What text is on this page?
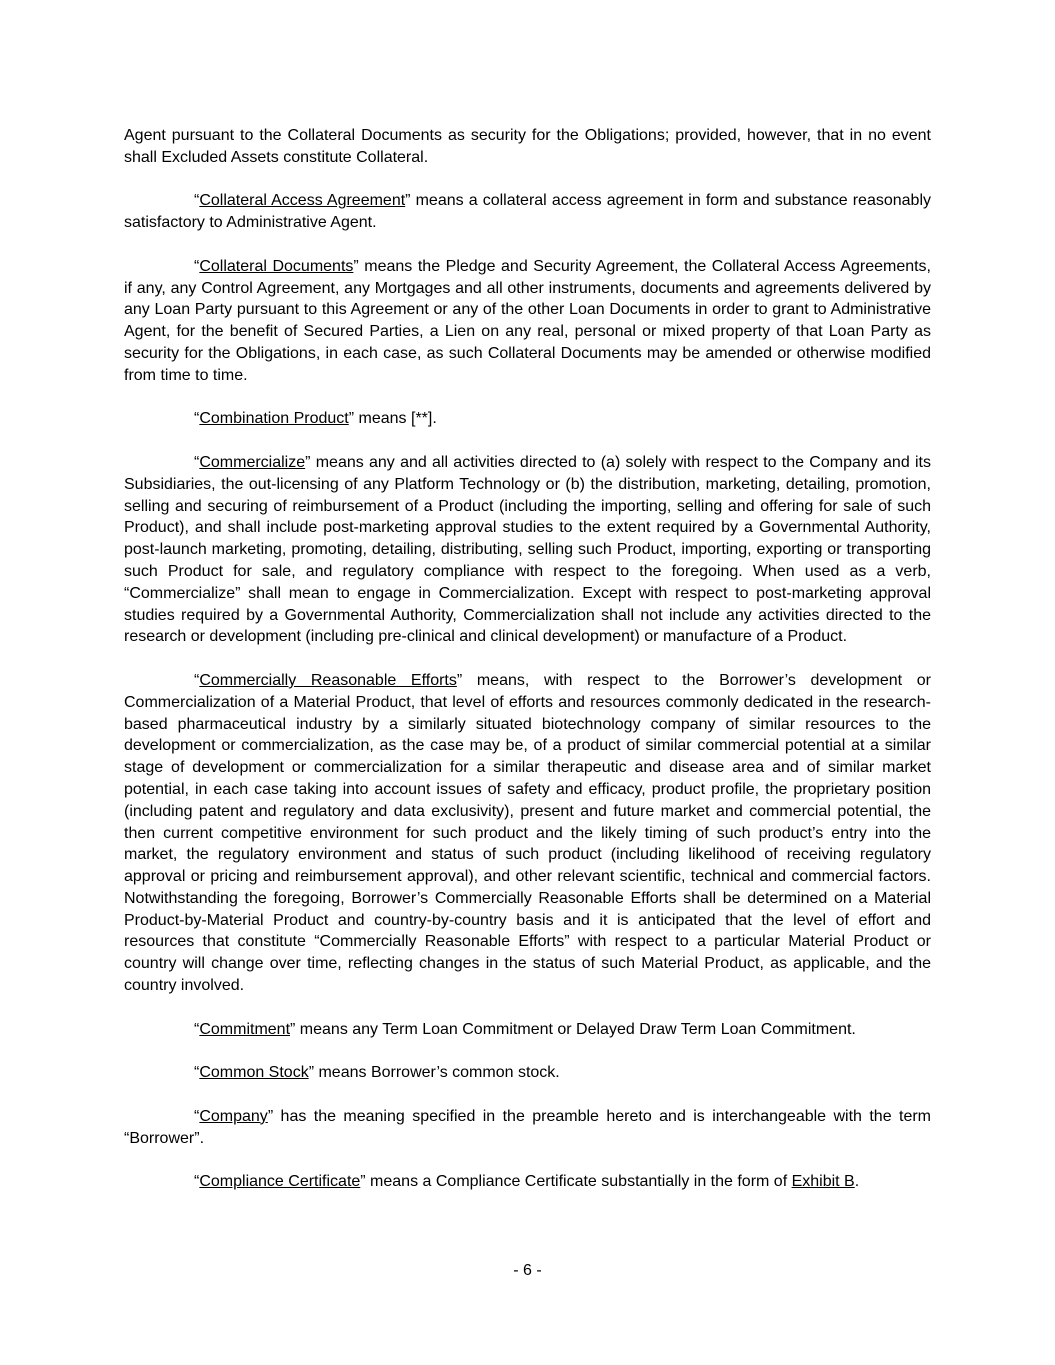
Agent pursuant to the Collateral Documents as security for the Obligations; provided, however, that in no event shall Excluded Assets constitute Collateral.

“Collateral Access Agreement” means a collateral access agreement in form and substance reasonably satisfactory to Administrative Agent.

“Collateral Documents” means the Pledge and Security Agreement, the Collateral Access Agreements, if any, any Control Agreement, any Mortgages and all other instruments, documents and agreements delivered by any Loan Party pursuant to this Agreement or any of the other Loan Documents in order to grant to Administrative Agent, for the benefit of Secured Parties, a Lien on any real, personal or mixed property of that Loan Party as security for the Obligations, in each case, as such Collateral Documents may be amended or otherwise modified from time to time.

“Combination Product” means [**].

“Commercialize” means any and all activities directed to (a) solely with respect to the Company and its Subsidiaries, the out-licensing of any Platform Technology or (b) the distribution, marketing, detailing, promotion, selling and securing of reimbursement of a Product (including the importing, selling and offering for sale of such Product), and shall include post-marketing approval studies to the extent required by a Governmental Authority, post-launch marketing, promoting, detailing, distributing, selling such Product, importing, exporting or transporting such Product for sale, and regulatory compliance with respect to the foregoing. When used as a verb, “Commercialize” shall mean to engage in Commercialization. Except with respect to post-marketing approval studies required by a Governmental Authority, Commercialization shall not include any activities directed to the research or development (including pre-clinical and clinical development) or manufacture of a Product.

“Commercially Reasonable Efforts” means, with respect to the Borrower’s development or Commercialization of a Material Product, that level of efforts and resources commonly dedicated in the research-based pharmaceutical industry by a similarly situated biotechnology company of similar resources to the development or commercialization, as the case may be, of a product of similar commercial potential at a similar stage of development or commercialization for a similar therapeutic and disease area and of similar market potential, in each case taking into account issues of safety and efficacy, product profile, the proprietary position (including patent and regulatory and data exclusivity), present and future market and commercial potential, the then current competitive environment for such product and the likely timing of such product’s entry into the market, the regulatory environment and status of such product (including likelihood of receiving regulatory approval or pricing and reimbursement approval), and other relevant scientific, technical and commercial factors. Notwithstanding the foregoing, Borrower’s Commercially Reasonable Efforts shall be determined on a Material Product-by-Material Product and country-by-country basis and it is anticipated that the level of effort and resources that constitute “Commercially Reasonable Efforts” with respect to a particular Material Product or country will change over time, reflecting changes in the status of such Material Product, as applicable, and the country involved.

“Commitment” means any Term Loan Commitment or Delayed Draw Term Loan Commitment.

“Common Stock” means Borrower’s common stock.

“Company” has the meaning specified in the preamble hereto and is interchangeable with the term “Borrower”.

“Compliance Certificate” means a Compliance Certificate substantially in the form of Exhibit B.

- 6 -
